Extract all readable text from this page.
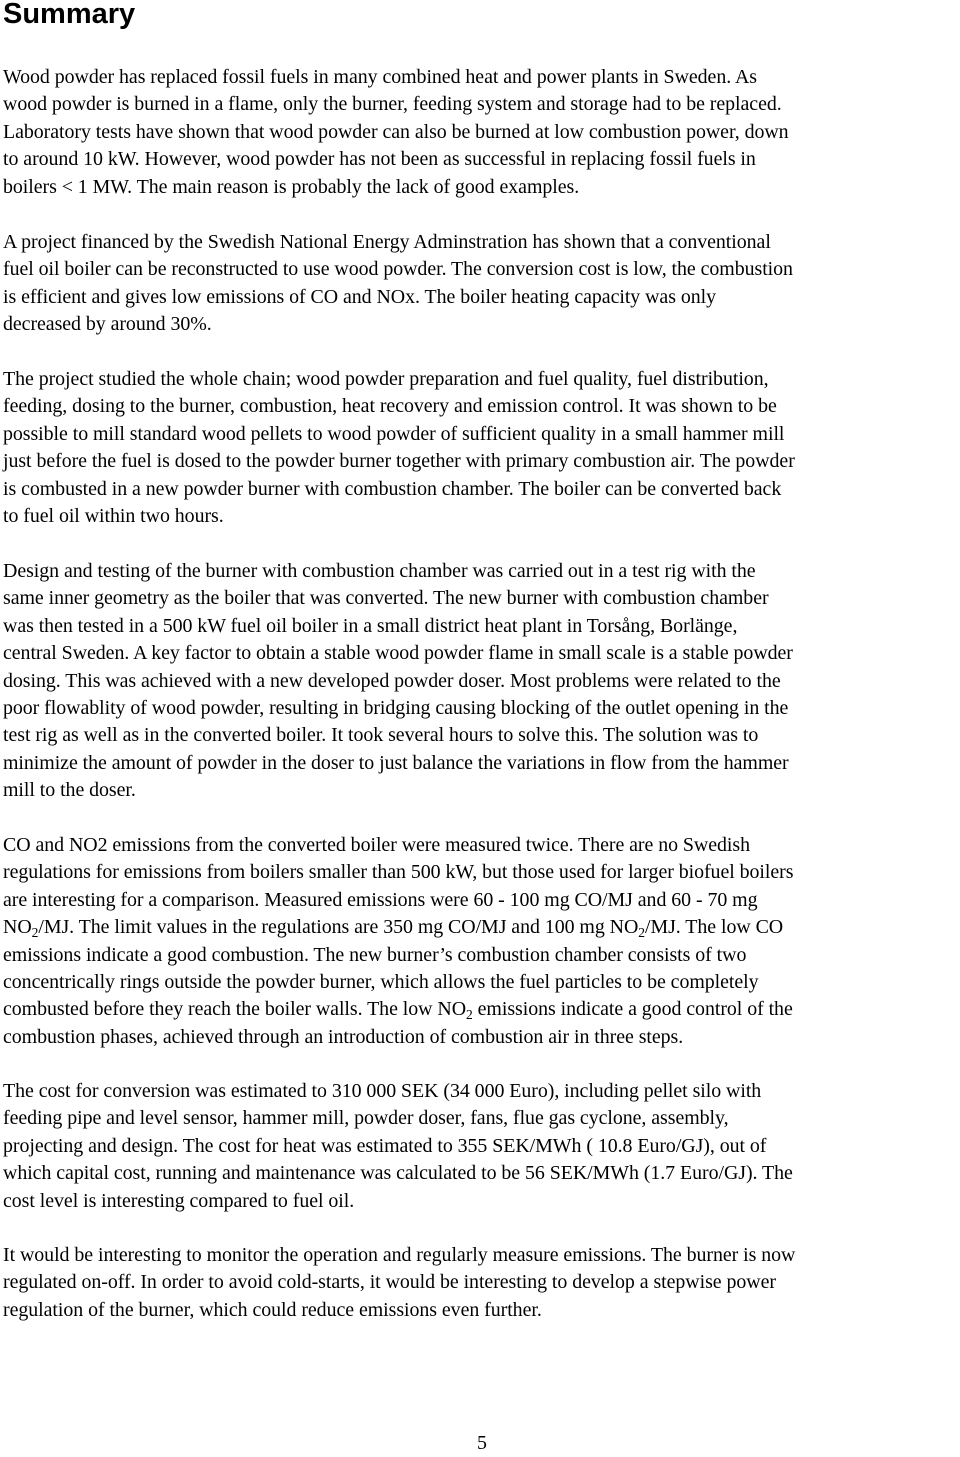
Summary

Wood powder has replaced fossil fuels in many combined heat and power plants in Sweden. As
wood powder is burned in a flame, only the burner, feeding system and storage had to be replaced.
Laboratory tests have shown that wood powder can also be burned at low combustion power, down
to around 10 kW. However, wood powder has not been as successful in replacing fossil fuels in
boilers < 1 MW. The main reason is probably the lack of good examples.

A project financed by the Swedish National Energy Adminstration has shown that a conventional
fuel oil boiler can be reconstructed to use wood powder. The conversion cost is low, the combustion
is efficient and gives low emissions of CO and NOx. The boiler heating capacity was only
decreased by around 30%.

The project studied the whole chain; wood powder preparation and fuel quality, fuel distribution,
feeding, dosing to the burner, combustion, heat recovery and emission control. It was shown to be
possible to mill standard wood pellets to wood powder of sufficient quality in a small hammer mill
just before the fuel is dosed to the powder burner together with primary combustion air. The powder
is combusted in a new powder burner with combustion chamber. The boiler can be converted back
to fuel oil within two hours.

Design and testing of the burner with combustion chamber was carried out in a test rig with the
same inner geometry as the boiler that was converted. The new burner with combustion chamber
was then tested in a 500 kW fuel oil boiler in a small district heat plant in Torsång, Borlänge,
central Sweden. A key factor to obtain a stable wood powder flame in small scale is a stable powder
dosing. This was achieved with a new developed powder doser. Most problems were related to the
poor flowablity of wood powder, resulting in bridging causing blocking of the outlet opening in the
test rig as well as in the converted boiler. It took several hours to solve this. The solution was to
minimize the amount of powder in the doser to just balance the variations in flow from the hammer
mill to the doser.

CO and NO2 emissions from the converted boiler were measured twice. There are no Swedish
regulations for emissions from boilers smaller than 500 kW, but those used for larger biofuel boilers
are interesting for a comparison. Measured emissions were 60 - 100 mg CO/MJ and 60 - 70 mg
$NO_2/MJ$. The limit values in the regulations are 350 mg CO/MJ and 100 mg $NO_2/MJ$. The low CO
emissions indicate a good combustion. The new burner’s combustion chamber consists of two
concentrically rings outside the powder burner, which allows the fuel particles to be completely
combusted before they reach the boiler walls. The low $NO_2$ emissions indicate a good control of the
combustion phases, achieved through an introduction of combustion air in three steps.

The cost for conversion was estimated to 310 000 SEK (34 000 Euro), including pellet silo with
feeding pipe and level sensor, hammer mill, powder doser, fans, flue gas cyclone, assembly,
projecting and design. The cost for heat was estimated to 355 SEK/MWh ( 10.8 Euro/GJ), out of
which capital cost, running and maintenance was calculated to be 56 SEK/MWh (1.7 Euro/GJ). The
cost level is interesting compared to fuel oil.

It would be interesting to monitor the operation and regularly measure emissions. The burner is now
regulated on-off. In order to avoid cold-starts, it would be interesting to develop a stepwise power
regulation of the burner, which could reduce emissions even further.

5
